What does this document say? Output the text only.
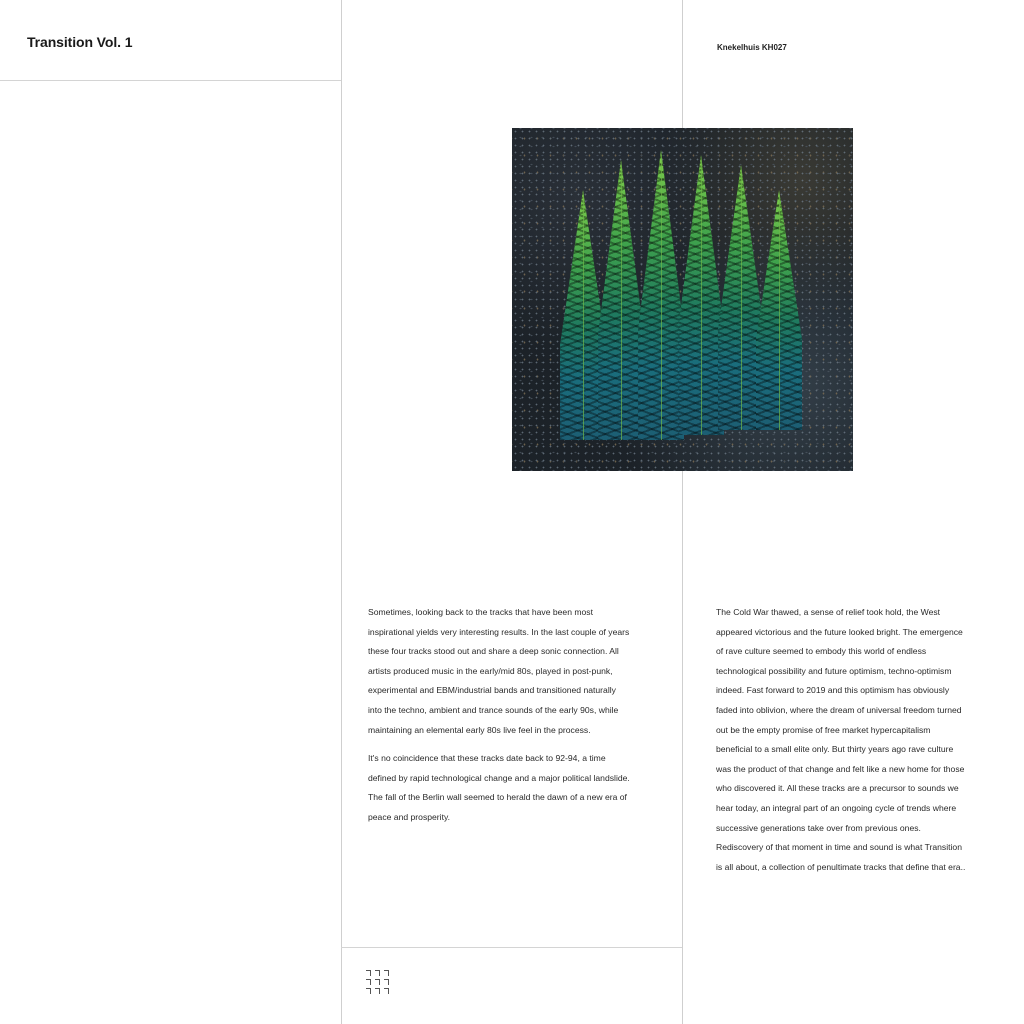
Transition Vol. 1	Knekelhuis KH027

Sometimes, looking back to the tracks that have been most inspirational yields very interesting results. In the last couple of years these four tracks stood out and share a deep sonic connection. All artists produced music in the early/mid 80s, played in post-punk, experimental and EBM/industrial bands and transitioned naturally into the techno, ambient and trance sounds of the early 90s, while maintaining an elemental early 80s live feel in the process.

It's no coincidence that these tracks date back to 92-94, a time defined by rapid technological change and a major political landslide. The fall of the Berlin wall seemed to herald the dawn of a new era of peace and prosperity.

The Cold War thawed, a sense of relief took hold, the West appeared victorious and the future looked bright. The emergence of rave culture seemed to embody this world of endless technological possibility and future optimism, techno-optimism indeed. Fast forward to 2019 and this optimism has obviously faded into oblivion, where the dream of universal freedom turned out be the empty promise of free market hypercapitalism beneficial to a small elite only. But thirty years ago rave culture was the product of that change and felt like a new home for those who discovered it. All these tracks are a precursor to sounds we hear today, an integral part of an ongoing cycle of trends where successive generations take over from previous ones. Rediscovery of that moment in time and sound is what Transition is all about, a collection of penultimate tracks that define that era..
